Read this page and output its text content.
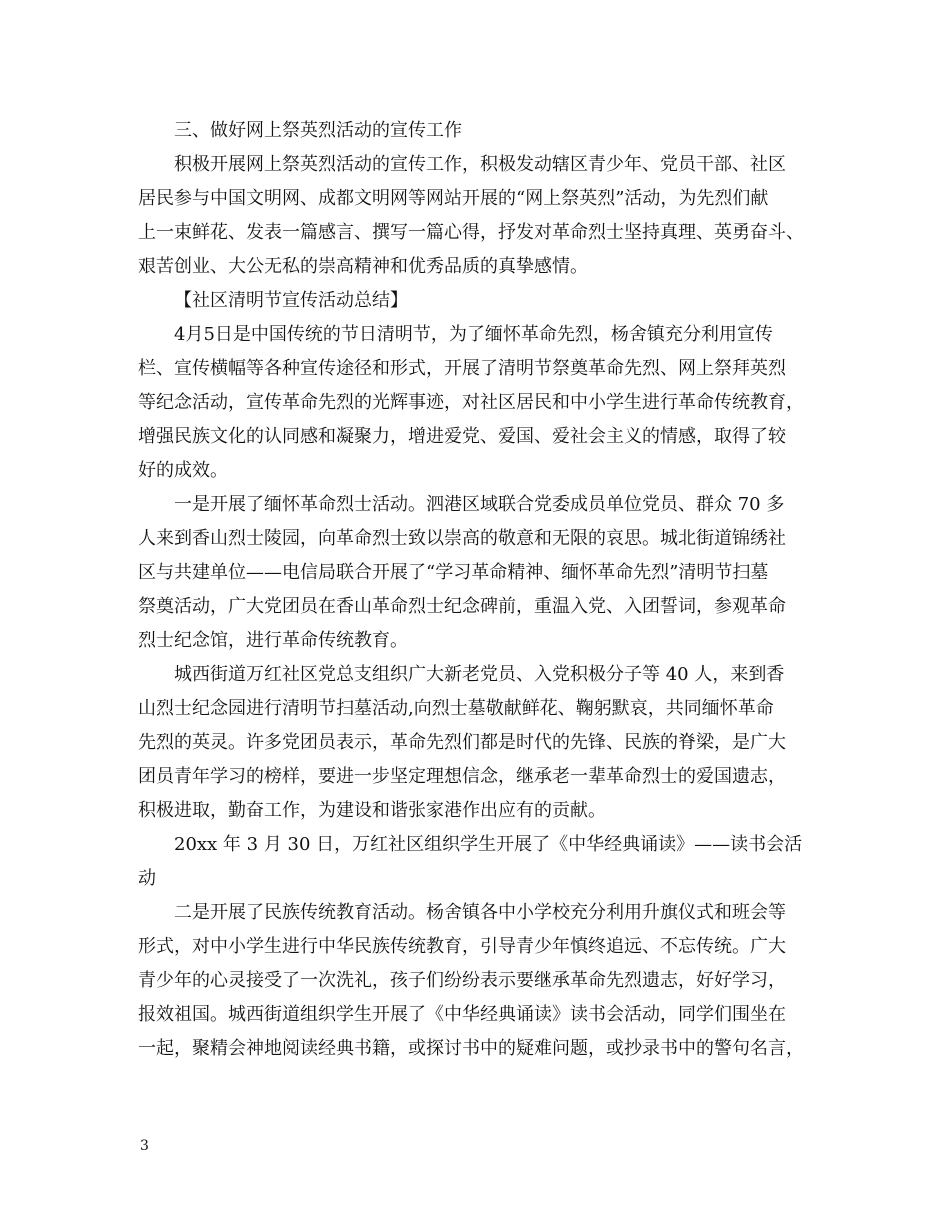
三、做好网上祭英烈活动的宣传工作
积极开展网上祭英烈活动的宣传工作，积极发动辖区青少年、党员干部、社区
居民参与中国文明网、成都文明网等网站开展的“网上祭英烈”活动，为先烈们献
上一束鲜花、发表一篇感言、撰写一篇心得，抒发对革命烈士坚持真理、英勇奋斗、
艰苦创业、大公无私的崇高精神和优秀品质的真挚感情。
【社区清明节宣传活动总结】
4月5日是中国传统的节日清明节，为了缅怀革命先烈，杨舍镇充分利用宣传
栏、宣传横幅等各种宣传途径和形式，开展了清明节祭奠革命先烈、网上祭拜英烈
等纪念活动，宣传革命先烈的光辉事迹，对社区居民和中小学生进行革命传统教育，
增强民族文化的认同感和凝聚力，增进爱党、爱国、爱社会主义的情感，取得了较
好的成效。
一是开展了缅怀革命烈士活动。泗港区域联合党委成员单位党员、群众 70 多
人来到香山烈士陵园，向革命烈士致以崇高的敬意和无限的哀思。城北街道锦绣社
区与共建单位——电信局联合开展了“学习革命精神、缅怀革命先烈”清明节扫墓
祭奠活动，广大党团员在香山革命烈士纪念碑前，重温入党、入团誓词，参观革命
烈士纪念馆，进行革命传统教育。
城西街道万红社区党总支组织广大新老党员、入党积极分子等 40 人，来到香
山烈士纪念园进行清明节扫墓活动,向烈士墓敬献鲜花、鞠躬默哀，共同缅怀革命
先烈的英灵。许多党团员表示，革命先烈们都是时代的先锋、民族的脊梁，是广大
团员青年学习的榜样，要进一步坚定理想信念，继承老一辈革命烈士的爱国遗志，
积极进取，勤奋工作，为建设和谐张家港作出应有的贡献。
20xx 年 3 月 30 日，万红社区组织学生开展了《中华经典诵读》——读书会活
动
二是开展了民族传统教育活动。杨舍镇各中小学校充分利用升旗仪式和班会等
形式，对中小学生进行中华民族传统教育，引导青少年慎终追远、不忘传统。广大
青少年的心灵接受了一次洗礼，孩子们纷纷表示要继承革命先烈遗志，好好学习，
报效祖国。城西街道组织学生开展了《中华经典诵读》读书会活动，同学们围坐在
一起，聚精会神地阅读经典书籍，或探讨书中的疑难问题，或抄录书中的警句名言，
3
